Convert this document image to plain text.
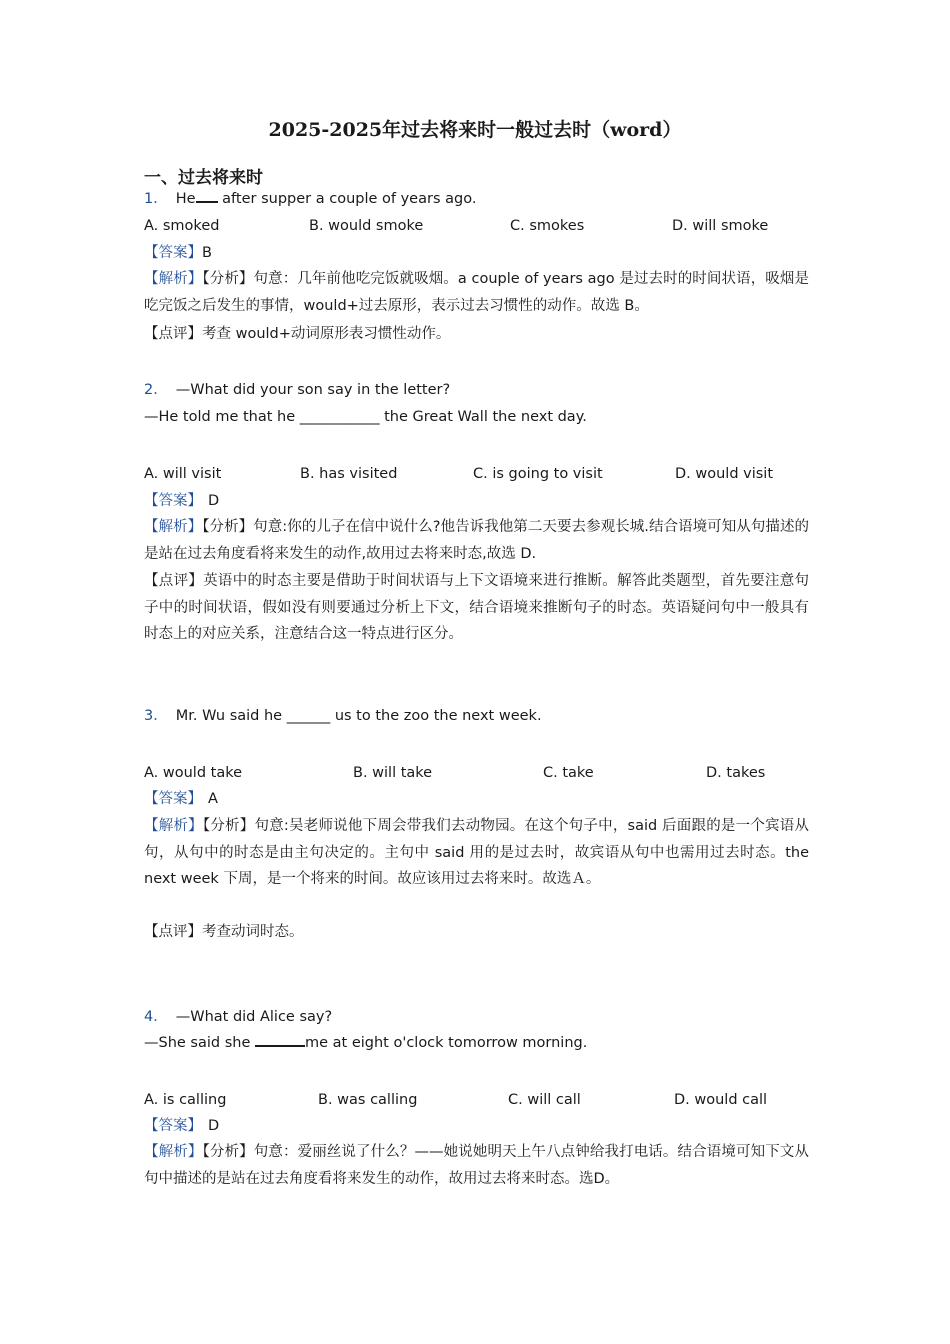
2025-2025年过去将来时一般过去时（word）
一、过去将来时
1． He after supper a couple of years ago.
A. smoked	B. would smoke	C. smokes	D. will smoke
【答案】B
【解析】【分析】句意：几年前他吃完饭就吸烟。a couple of years ago 是过去时的时间状语，吸烟是吃完饭之后发生的事情，would+过去原形，表示过去习惯性的动作。故选 B。
【点评】考查 would+动词原形表习惯性动作。
2． —What did your son say in the letter?
—He told me that he ___________ the Great Wall the next day.
A. will visit	B. has visited	C. is going to visit	D. would visit
【答案】 D
【解析】【分析】句意:你的儿子在信中说什么?他告诉我他第二天要去参观长城.结合语境可知从句描述的是站在过去角度看将来发生的动作,故用过去将来时态,故选 D.
【点评】英语中的时态主要是借助于时间状语与上下文语境来进行推断。解答此类题型，首先要注意句子中的时间状语，假如没有则要通过分析上下文，结合语境来推断句子的时态。英语疑问句中一般具有时态上的对应关系，注意结合这一特点进行区分。
3． Mr. Wu said he ______ us to the zoo the next week.
A. would take	B. will take	C. take	D. takes
【答案】 A
【解析】【分析】句意:吴老师说他下周会带我们去动物园。在这个句子中，said 后面跟的是一个宾语从句，从句中的时态是由主句决定的。主句中 said 用的是过去时，故宾语从句中也需用过去时态。the next week 下周，是一个将来的时间。故应该用过去将来时。故选Ａ。
【点评】考查动词时态。
4． —What did Alice say?
—She said she	me at eight o'clock tomorrow morning.
A. is calling	B. was calling	C. will call	D. would call
【答案】 D
【解析】【分析】句意：爱丽丝说了什么？——她说她明天上午八点钟给我打电话。结合语境可知下文从句中描述的是站在过去角度看将来发生的动作，故用过去将来时态。选D。
